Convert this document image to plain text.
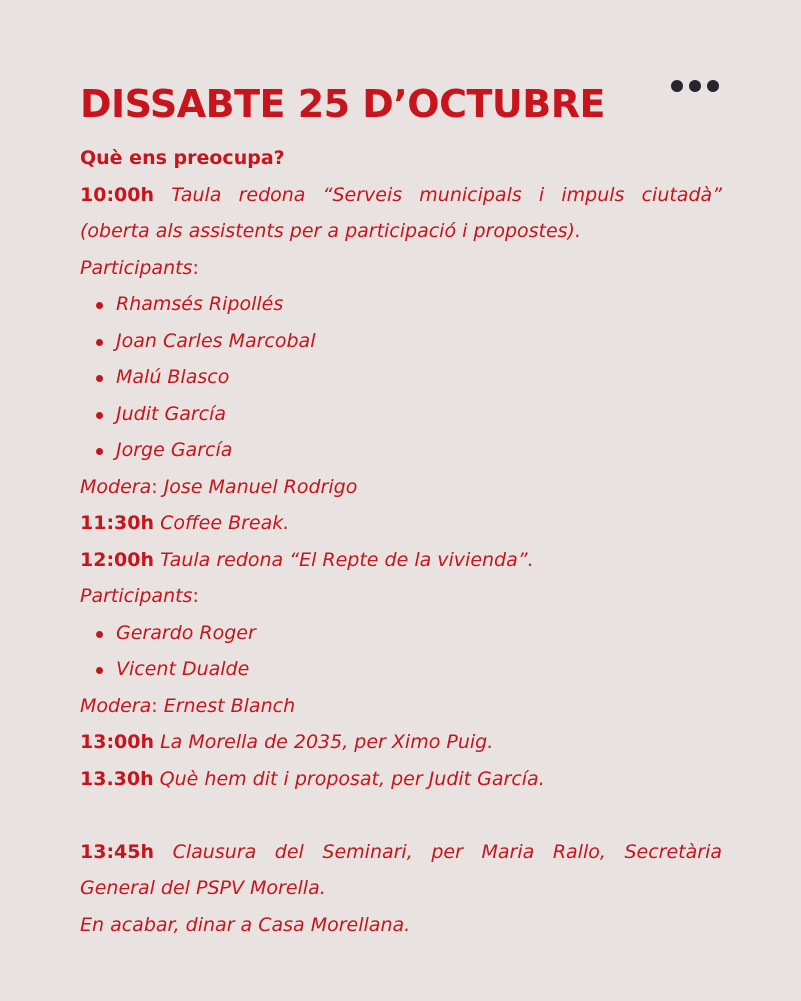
DISSABTE 25 D’OCTUBRE

Què ens preocupa?

10:00h Taula redona “Serveis municipals i impuls ciutadà”

(oberta als assistents per a participació i propostes).

Participants:

Rhamsés Ripollés
Joan Carles Marcobal
Malú Blasco
Judit García
Jorge García

Modera: Jose Manuel Rodrigo

11:30h Coffee Break.

12:00h Taula redona “El Repte de la vivienda”.

Participants:

Gerardo Roger
Vicent Dualde

Modera: Ernest Blanch

13:00h La Morella de 2035, per Ximo Puig.

13.30h Què hem dit i proposat, per Judit García.

13:45h Clausura del Seminari, per Maria Rallo, Secretària

General del PSPV Morella.

En acabar, dinar a Casa Morellana.
